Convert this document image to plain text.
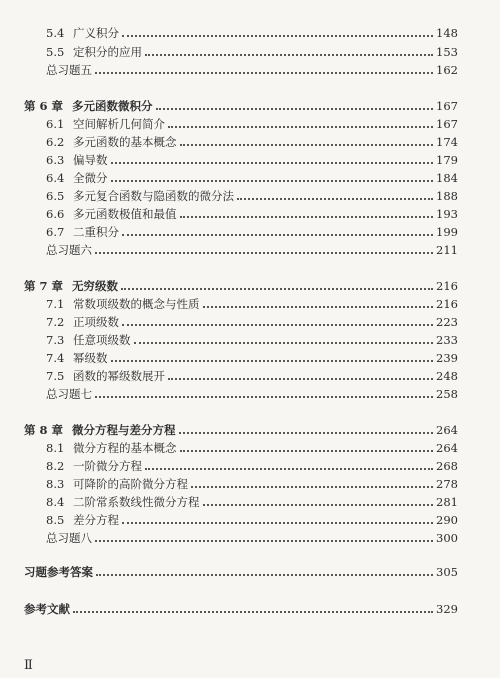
5.4 广义积分	148
5.5 定积分的应用	153
总习题五	162
第 6 章 多元函数微积分	167
6.1 空间解析几何简介	167
6.2 多元函数的基本概念	174
6.3 偏导数	179
6.4 全微分	184
6.5 多元复合函数与隐函数的微分法	188
6.6 多元函数极值和最值	193
6.7 二重积分	199
总习题六	211
第 7 章 无穷级数	216
7.1 常数项级数的概念与性质	216
7.2 正项级数	223
7.3 任意项级数	233
7.4 幂级数	239
7.5 函数的幂级数展开	248
总习题七	258
第 8 章 微分方程与差分方程	264
8.1 微分方程的基本概念	264
8.2 一阶微分方程	268
8.3 可降阶的高阶微分方程	278
8.4 二阶常系数线性微分方程	281
8.5 差分方程	290
总习题八	300
习题参考答案	305
参考文献	329
Ⅱ
